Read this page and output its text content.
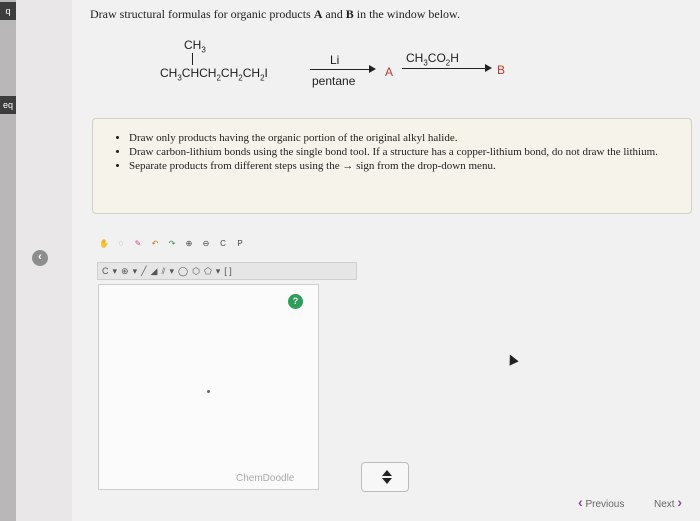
q
eq
‹
Draw structural formulas for organic products A and B in the window below.
$CH_3$
$CH_3CHCH_2CH_2CH_2I$
Li
pentane
A
$CH_3CO_2H$
B
• Draw only products having the organic portion of the original alkyl halide.
• Draw carbon-lithium bonds using the single bond tool. If a structure has a copper-lithium bond, do not draw the lithium.
• Separate products from different steps using the → sign from the drop-down menu.
✋	◌	✎	↶	↷	⊕	⊖	C	P
C ▾ ⊕ ▾ ╱ ◢ ⫽ ▾ ◯ ⬡ ⬠ ▾ [ ]
?
ChemDoodle
‹ Previous	Next ›
